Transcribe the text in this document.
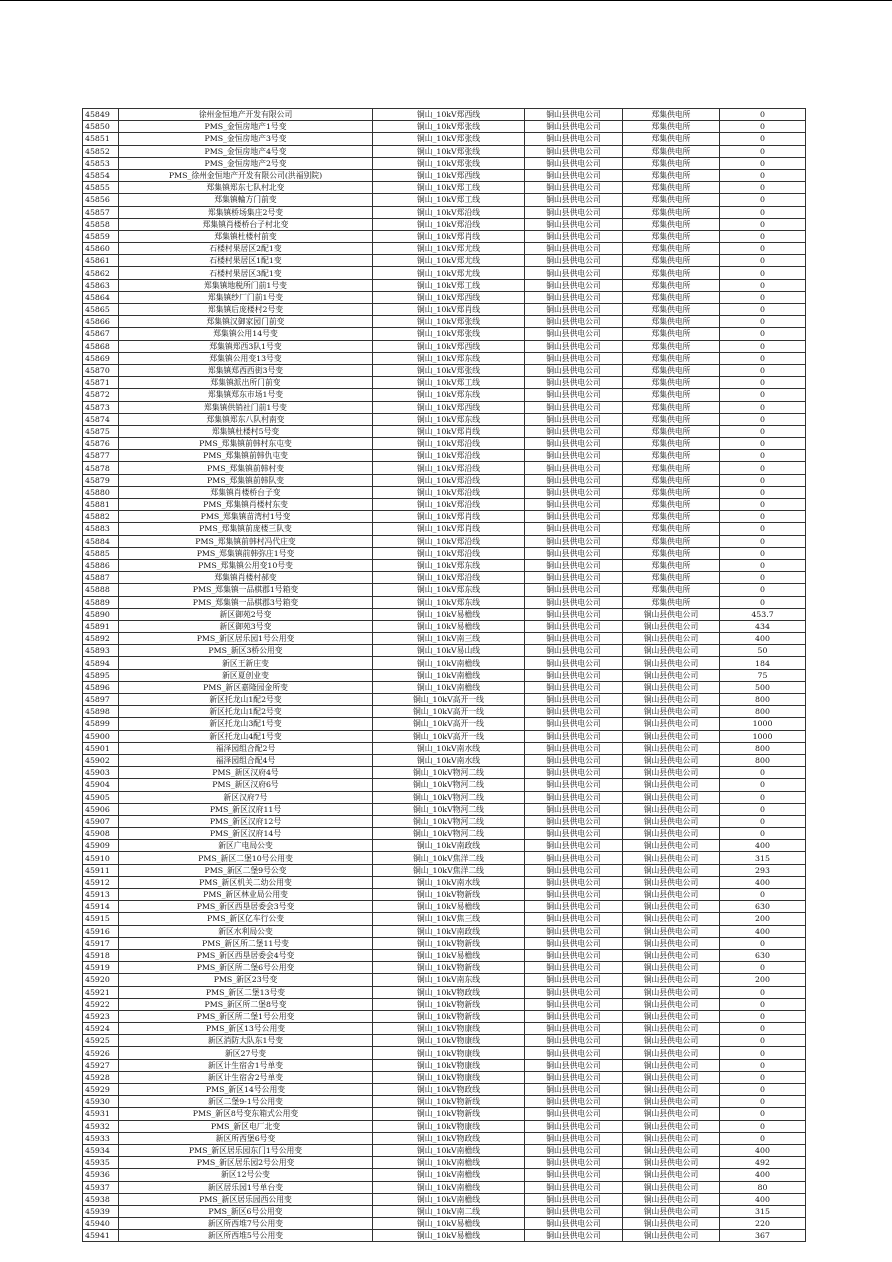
45849	徐州金恒地产开发有限公司	铜山_10kV郑西线	铜山县供电公司	郑集供电所	0
45850	PMS_金恒房地产1号变	铜山_10kV郑张线	铜山县供电公司	郑集供电所	0
45851	PMS_金恒房地产3号变	铜山_10kV郑张线	铜山县供电公司	郑集供电所	0
45852	PMS_金恒房地产4号变	铜山_10kV郑张线	铜山县供电公司	郑集供电所	0
45853	PMS_金恒房地产2号变	铜山_10kV郑张线	铜山县供电公司	郑集供电所	0
45854	PMS_徐州金恒地产开发有限公司(洪福别院)	铜山_10kV郑西线	铜山县供电公司	郑集供电所	0
45855	郑集镇郑东七队村北变	铜山_10kV郑工线	铜山县供电公司	郑集供电所	0
45856	郑集镇輪方门前变	铜山_10kV郑工线	铜山县供电公司	郑集供电所	0
45857	郑集镇桥场集庄2号变	铜山_10kV郑沿线	铜山县供电公司	郑集供电所	0
45858	郑集镇肖楼桥台子村北变	铜山_10kV郑沿线	铜山县供电公司	郑集供电所	0
45859	郑集镇杜楼村前变	铜山_10kV郑肖线	铜山县供电公司	郑集供电所	0
45860	石楼村果居区2配1变	铜山_10kV郑尤线	铜山县供电公司	郑集供电所	0
45861	石楼村果居区1配1变	铜山_10kV郑尤线	铜山县供电公司	郑集供电所	0
45862	石楼村果居区3配1变	铜山_10kV郑尤线	铜山县供电公司	郑集供电所	0
45863	郑集镇地税所门前1号变	铜山_10kV郑工线	铜山县供电公司	郑集供电所	0
45864	郑集镇纱厂门前1号变	铜山_10kV郑西线	铜山县供电公司	郑集供电所	0
45865	郑集镇后庞楼村2号变	铜山_10kV郑肖线	铜山县供电公司	郑集供电所	0
45866	郑集镇汉御家园门前变	铜山_10kV郑张线	铜山县供电公司	郑集供电所	0
45867	郑集镇公用14号变	铜山_10kV郑张线	铜山县供电公司	郑集供电所	0
45868	郑集镇郑西3队1号变	铜山_10kV郑西线	铜山县供电公司	郑集供电所	0
45869	郑集镇公用变13号变	铜山_10kV郑东线	铜山县供电公司	郑集供电所	0
45870	郑集镇郑西西街3号变	铜山_10kV郑张线	铜山县供电公司	郑集供电所	0
45871	郑集镇派出所门前变	铜山_10kV郑工线	铜山县供电公司	郑集供电所	0
45872	郑集镇郑东市场1号变	铜山_10kV郑东线	铜山县供电公司	郑集供电所	0
45873	郑集镇供销社门前1号变	铜山_10kV郑西线	铜山县供电公司	郑集供电所	0
45874	郑集镇郑东八队村南变	铜山_10kV郑东线	铜山县供电公司	郑集供电所	0
45875	郑集镇杜楼村5号变	铜山_10kV郑肖线	铜山县供电公司	郑集供电所	0
45876	PMS_郑集镇前韩村东屯变	铜山_10kV郑沿线	铜山县供电公司	郑集供电所	0
45877	PMS_郑集镇前韩仇屯变	铜山_10kV郑沿线	铜山县供电公司	郑集供电所	0
45878	PMS_郑集镇前韩村变	铜山_10kV郑沿线	铜山县供电公司	郑集供电所	0
45879	PMS_郑集镇前韩队变	铜山_10kV郑沿线	铜山县供电公司	郑集供电所	0
45880	郑集镇肖楼桥台子变	铜山_10kV郑沿线	铜山县供电公司	郑集供电所	0
45881	PMS_郑集镇肖楼村东变	铜山_10kV郑沿线	铜山县供电公司	郑集供电所	0
45882	PMS_郑集镇苗湾村1号变	铜山_10kV郑肖线	铜山县供电公司	郑集供电所	0
45883	PMS_郑集镇前庞楼三队变	铜山_10kV郑肖线	铜山县供电公司	郑集供电所	0
45884	PMS_郑集镇前韩村冯代庄变	铜山_10kV郑沿线	铜山县供电公司	郑集供电所	0
45885	PMS_郑集镇前韩弥庄1号变	铜山_10kV郑沿线	铜山县供电公司	郑集供电所	0
45886	PMS_郑集镇公用变10号变	铜山_10kV郑东线	铜山县供电公司	郑集供电所	0
45887	郑集镇肖楼村郝变	铜山_10kV郑沿线	铜山县供电公司	郑集供电所	0
45888	PMS_郑集镇一品棋郡1号箱变	铜山_10kV郑东线	铜山县供电公司	郑集供电所	0
45889	PMS_郑集镇一品棋郡3号箱变	铜山_10kV郑东线	铜山县供电公司	郑集供电所	0
45890	新区御苑2号变	铜山_10kV易檐线	铜山县供电公司	铜山县供电公司	453.7
45891	新区御苑3号变	铜山_10kV易檐线	铜山县供电公司	铜山县供电公司	434
45892	PMS_新区居乐园1号公用变	铜山_10kV南三线	铜山县供电公司	铜山县供电公司	400
45893	PMS_新区3桥公用变	铜山_10kV易山线	铜山县供电公司	铜山县供电公司	50
45894	新区王新庄变	铜山_10kV南檐线	铜山县供电公司	铜山县供电公司	184
45895	新区夏创业变	铜山_10kV南檐线	铜山县供电公司	铜山县供电公司	75
45896	PMS_新区嘉隆园金所变	铜山_10kV南檐线	铜山县供电公司	铜山县供电公司	500
45897	新区托龙山1配2号变	铜山_10kV高开一线	铜山县供电公司	铜山县供电公司	800
45898	新区托龙山1配2号变	铜山_10kV高开一线	铜山县供电公司	铜山县供电公司	800
45899	新区托龙山3配1号变	铜山_10kV高开一线	铜山县供电公司	铜山县供电公司	1000
45900	新区托龙山4配1号变	铜山_10kV高开一线	铜山县供电公司	铜山县供电公司	1000
45901	福泽园组合配2号	铜山_10kV南水线	铜山县供电公司	铜山县供电公司	800
45902	福泽园组合配4号	铜山_10kV南水线	铜山县供电公司	铜山县供电公司	800
45903	PMS_新区汉府4号	铜山_10kV物河二线	铜山县供电公司	铜山县供电公司	0
45904	PMS_新区汉府6号	铜山_10kV物河二线	铜山县供电公司	铜山县供电公司	0
45905	新区汉府7号	铜山_10kV物河二线	铜山县供电公司	铜山县供电公司	0
45906	PMS_新区汉府11号	铜山_10kV物河二线	铜山县供电公司	铜山县供电公司	0
45907	PMS_新区汉府12号	铜山_10kV物河二线	铜山县供电公司	铜山县供电公司	0
45908	PMS_新区汉府14号	铜山_10kV物河二线	铜山县供电公司	铜山县供电公司	0
45909	新区广电局公变	铜山_10kV南政线	铜山县供电公司	铜山县供电公司	400
45910	PMS_新区二堡10号公用变	铜山_10kV焦洋二线	铜山县供电公司	铜山县供电公司	315
45911	PMS_新区二堡9号公变	铜山_10kV焦洋二线	铜山县供电公司	铜山县供电公司	293
45912	PMS_新区机关二幼公用变	铜山_10kV南水线	铜山县供电公司	铜山县供电公司	400
45913	PMS_新区林业局公用变	铜山_10kV物新线	铜山县供电公司	铜山县供电公司	0
45914	PMS_新区西垦居委会3号变	铜山_10kV易檐线	铜山县供电公司	铜山县供电公司	630
45915	PMS_新区亿车行公变	铜山_10kV焦三线	铜山县供电公司	铜山县供电公司	200
45916	新区水利局公变	铜山_10kV南政线	铜山县供电公司	铜山县供电公司	400
45917	PMS_新区所二堡11号变	铜山_10kV物新线	铜山县供电公司	铜山县供电公司	0
45918	PMS_新区西垦居委会4号变	铜山_10kV易檐线	铜山县供电公司	铜山县供电公司	630
45919	PMS_新区所二堡6号公用变	铜山_10kV物新线	铜山县供电公司	铜山县供电公司	0
45920	PMS_新区23号变	铜山_10kV南东线	铜山县供电公司	铜山县供电公司	200
45921	PMS_新区二堡13号变	铜山_10kV物政线	铜山县供电公司	铜山县供电公司	0
45922	PMS_新区所二堡8号变	铜山_10kV物新线	铜山县供电公司	铜山县供电公司	0
45923	PMS_新区所二堡1号公用变	铜山_10kV物新线	铜山县供电公司	铜山县供电公司	0
45924	PMS_新区13号公用变	铜山_10kV物康线	铜山县供电公司	铜山县供电公司	0
45925	新区消防大队东1号变	铜山_10kV物康线	铜山县供电公司	铜山县供电公司	0
45926	新区27号变	铜山_10kV物康线	铜山县供电公司	铜山县供电公司	0
45927	新区计生宿舍1号单变	铜山_10kV物康线	铜山县供电公司	铜山县供电公司	0
45928	新区计生宿舍2号单变	铜山_10kV物康线	铜山县供电公司	铜山县供电公司	0
45929	PMS_新区14号公用变	铜山_10kV物政线	铜山县供电公司	铜山县供电公司	0
45930	新区二堡9-1号公用变	铜山_10kV物新线	铜山县供电公司	铜山县供电公司	0
45931	PMS_新区8号变东箱式公用变	铜山_10kV物新线	铜山县供电公司	铜山县供电公司	0
45932	PMS_新区电厂北变	铜山_10kV物康线	铜山县供电公司	铜山县供电公司	0
45933	新区所西堡6号变	铜山_10kV物政线	铜山县供电公司	铜山县供电公司	0
45934	PMS_新区居乐园东门1号公用变	铜山_10kV南檐线	铜山县供电公司	铜山县供电公司	400
45935	PMS_新区居乐园2号公用变	铜山_10kV南檐线	铜山县供电公司	铜山县供电公司	492
45936	新区12号公变	铜山_10kV南檐线	铜山县供电公司	铜山县供电公司	400
45937	新区居乐园1号单台变	铜山_10kV南檐线	铜山县供电公司	铜山县供电公司	80
45938	PMS_新区居乐园西公用变	铜山_10kV南檐线	铜山县供电公司	铜山县供电公司	400
45939	PMS_新区6号公用变	铜山_10kV南二线	铜山县供电公司	铜山县供电公司	315
45940	新区所西堆7号公用变	铜山_10kV易檐线	铜山县供电公司	铜山县供电公司	220
45941	新区所西堆5号公用变	铜山_10kV易檐线	铜山县供电公司	铜山县供电公司	367
